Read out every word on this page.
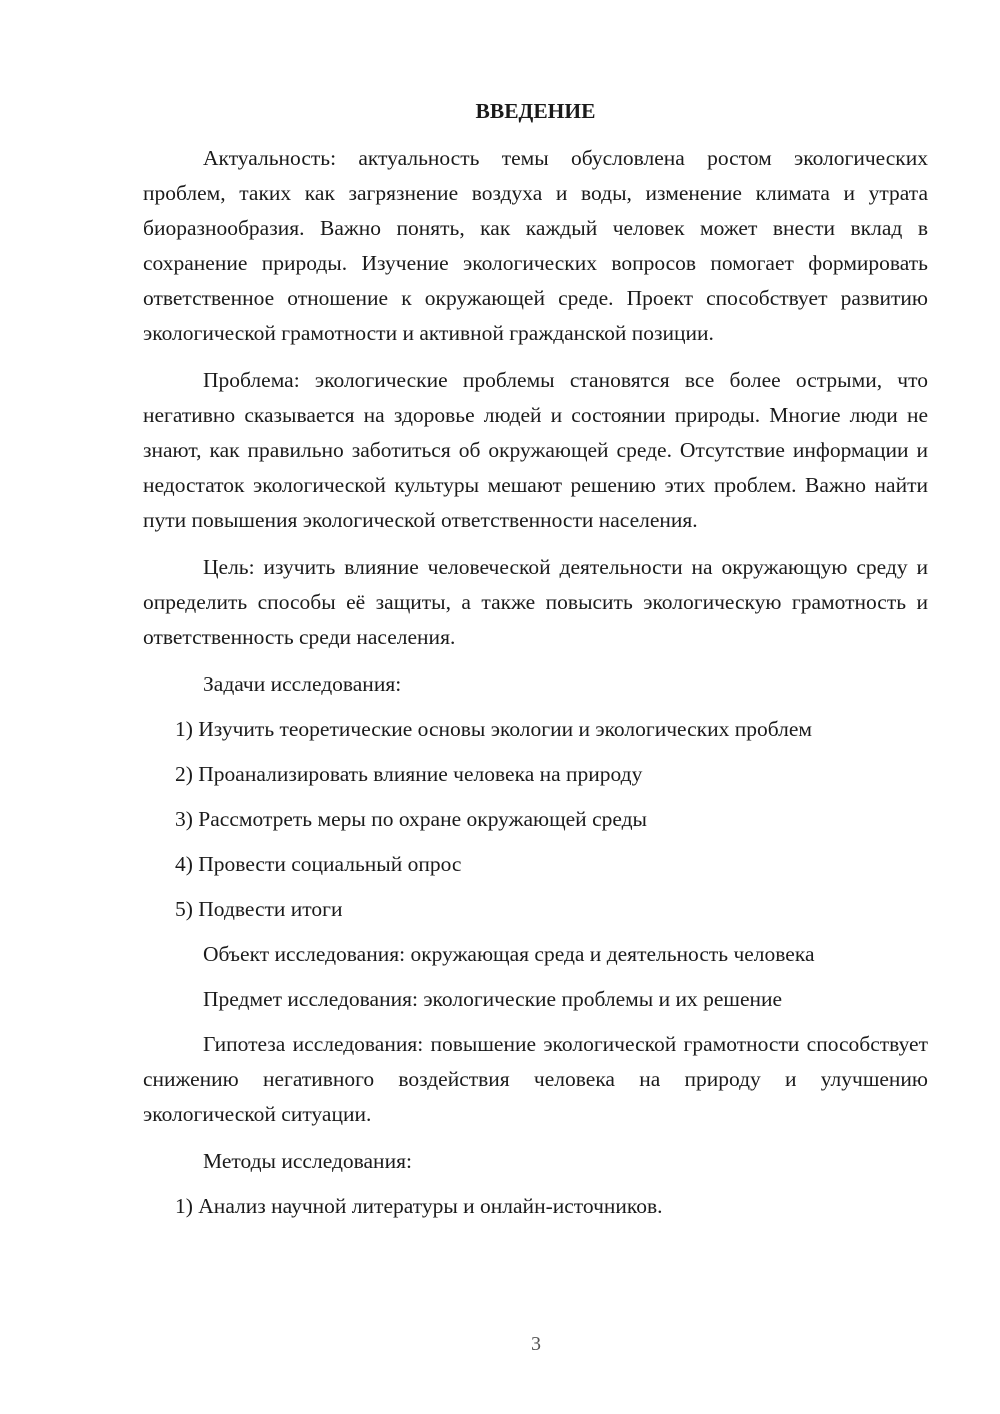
ВВЕДЕНИЕ

Актуальность: актуальность темы обусловлена ростом экологических проблем, таких как загрязнение воздуха и воды, изменение климата и утрата биоразнообразия. Важно понять, как каждый человек может внести вклад в сохранение природы. Изучение экологических вопросов помогает формировать ответственное отношение к окружающей среде. Проект способствует развитию экологической грамотности и активной гражданской позиции.

Проблема: экологические проблемы становятся все более острыми, что негативно сказывается на здоровье людей и состоянии природы. Многие люди не знают, как правильно заботиться об окружающей среде. Отсутствие информации и недостаток экологической культуры мешают решению этих проблем. Важно найти пути повышения экологической ответственности населения.

Цель: изучить влияние человеческой деятельности на окружающую среду и определить способы её защиты, а также повысить экологическую грамотность и ответственность среди населения.

Задачи исследования:
1) Изучить теоретические основы экологии и экологических проблем
2) Проанализировать влияние человека на природу
3) Рассмотреть меры по охране окружающей среды
4) Провести социальный опрос
5) Подвести итоги
Объект исследования: окружающая среда и деятельность человека
Предмет исследования: экологические проблемы и их решение

Гипотеза исследования: повышение экологической грамотности способствует снижению негативного воздействия человека на природу и улучшению экологической ситуации.

Методы исследования:
1) Анализ научной литературы и онлайн-источников.
3
